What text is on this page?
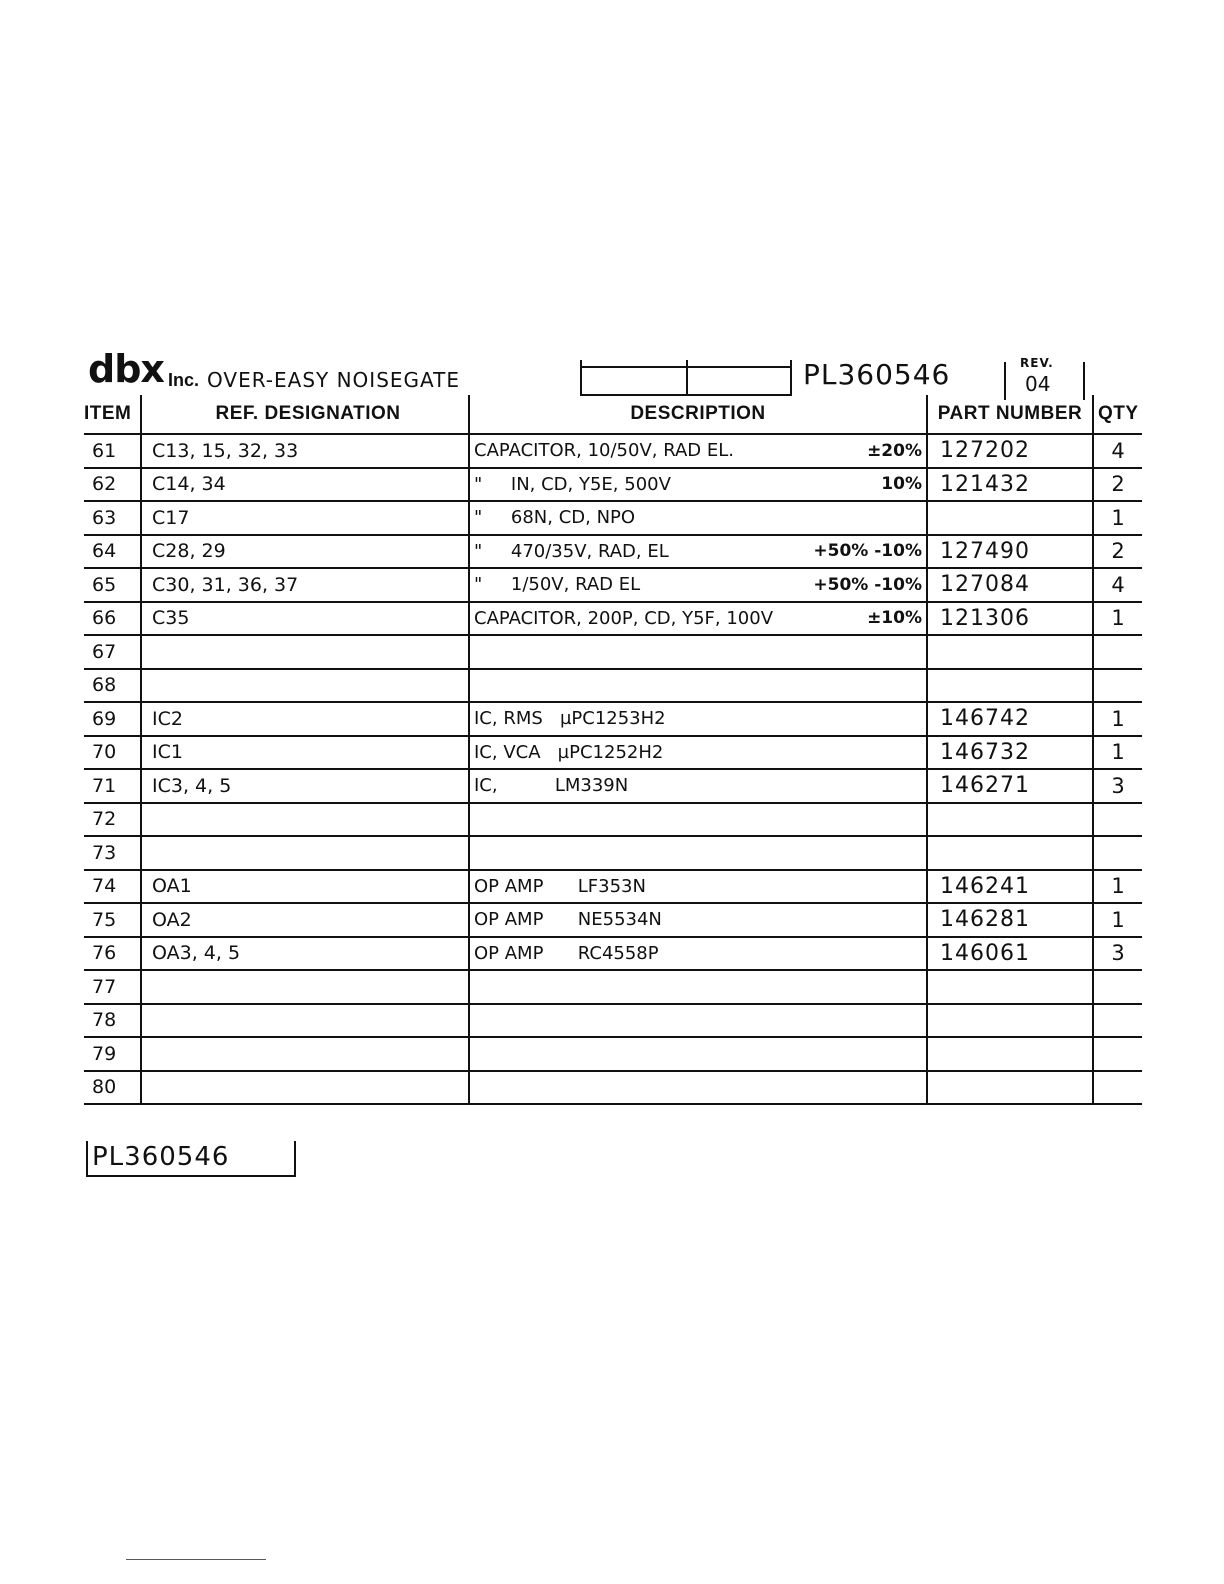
dbx Inc. OVER-EASY NOISEGATE	PL360546	REV.
04
ITEM	REF. DESIGNATION	DESCRIPTION	PART NUMBER	QTY
61	C13, 15, 32, 33	CAPACITOR, 10/50V, RAD EL. ±20%	127202	4
62	C14, 34	"     IN, CD, Y5E, 500V 10%	121432	2
63	C17	"     68N, CD, NPO		1
64	C28, 29	"     470/35V, RAD, EL +50% -10%	127490	2
65	C30, 31, 36, 37	"     1/50V, RAD EL +50% -10%	127084	4
66	C35	CAPACITOR, 200P, CD, Y5F, 100V ±10%	121306	1
67		

68		

69	IC2	IC, RMS   µPC1253H2	146742	1
70	IC1	IC, VCA   µPC1252H2	146732	1
71	IC3, 4, 5	IC,          LM339N	146271	3
72		

73		

74	OA1	OP AMP      LF353N	146241	1
75	OA2	OP AMP      NE5534N	146281	1
76	OA3, 4, 5	OP AMP      RC4558P	146061	3
77		

78		

79		

80		

PL360546
